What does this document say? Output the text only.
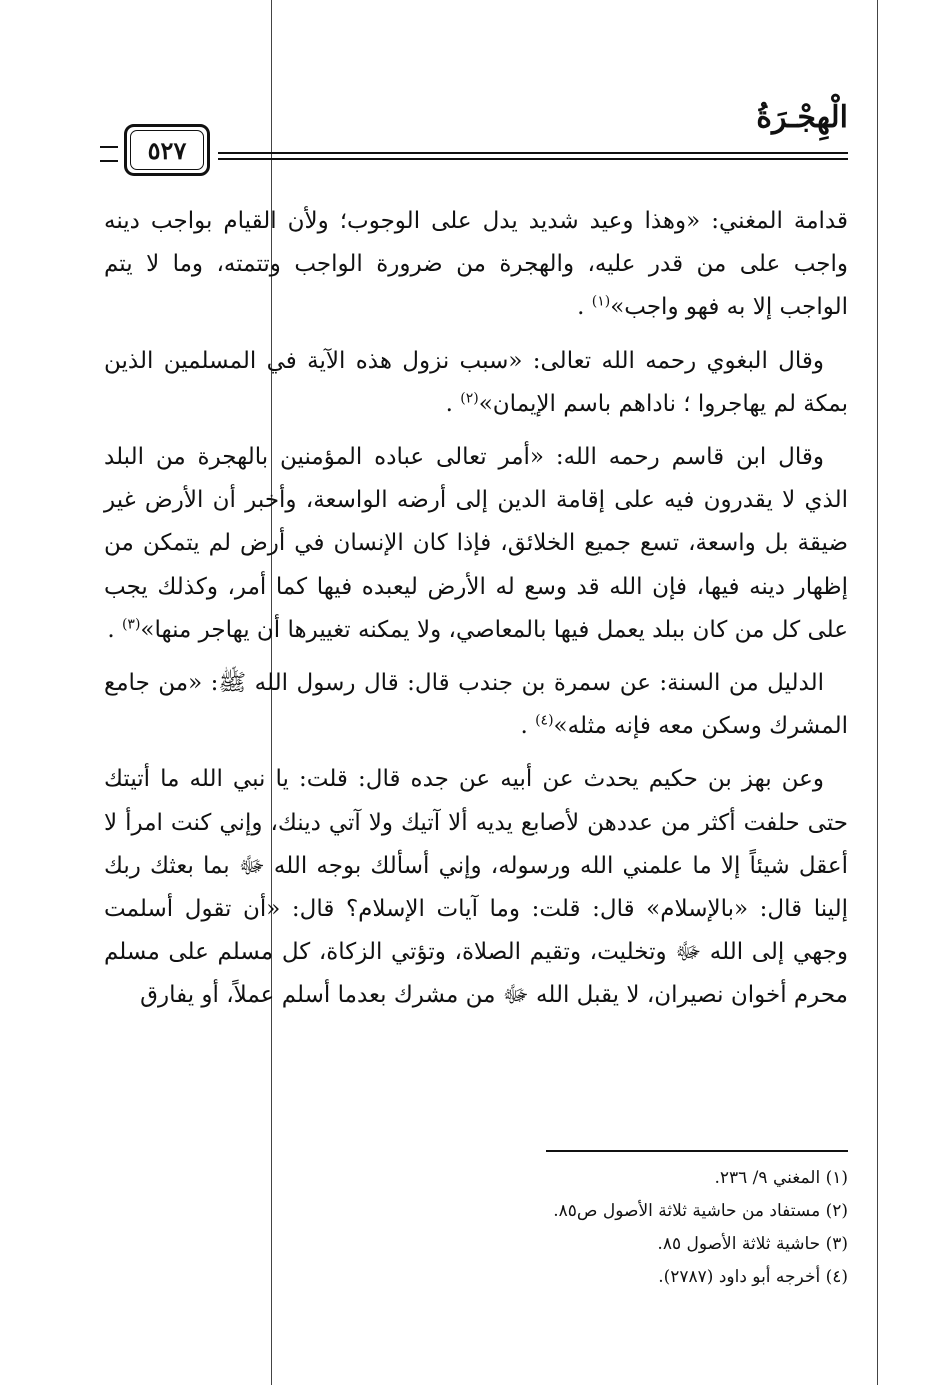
الْهِجْـرَةُ
٥٢٧

قدامة المغني: «وهذا وعيد شديد يدل على الوجوب؛ ولأن القيام بواجب دينه واجب على من قدر عليه، والهجرة من ضرورة الواجب وتتمته، وما لا يتم الواجب إلا به فهو واجب»$^{(١)}$ .

وقال البغوي رحمه الله تعالى: «سبب نزول هذه الآية في المسلمين الذين بمكة لم يهاجروا ؛ ناداهم باسم الإيمان»$^{(٢)}$ .

وقال ابن قاسم رحمه الله: «أمر تعالى عباده المؤمنين بالهجرة من البلد الذي لا يقدرون فيه على إقامة الدين إلى أرضه الواسعة، وأخبر أن الأرض غير ضيقة بل واسعة، تسع جميع الخلائق، فإذا كان الإنسان في أرض لم يتمكن من إظهار دينه فيها، فإن الله قد وسع له الأرض ليعبده فيها كما أمر، وكذلك يجب على كل من كان ببلد يعمل فيها بالمعاصي، ولا يمكنه تغييرها أن يهاجر منها»$^{(٣)}$ .

الدليل من السنة: عن سمرة بن جندب قال: قال رسول الله ﷺ: «من جامع المشرك وسكن معه فإنه مثله»$^{(٤)}$ .

وعن بهز بن حكيم يحدث عن أبيه عن جده قال: قلت: يا نبي الله ما أتيتك حتى حلفت أكثر من عددهن لأصابع يديه ألا آتيك ولا آتي دينك، وإني كنت امرأ لا أعقل شيئاً إلا ما علمني الله ورسوله، وإني أسألك بوجه الله ﷻ بما بعثك ربك إلينا قال: «بالإسلام» قال: قلت: وما آيات الإسلام؟ قال: «أن تقول أسلمت وجهي إلى الله ﷻ وتخليت، وتقيم الصلاة، وتؤتي الزكاة، كل مسلم على مسلم محرم أخوان نصيران، لا يقبل الله ﷻ من مشرك بعدما أسلم عملاً، أو يفارق

(١) المغني ٩/ ٢٣٦.
(٢) مستفاد من حاشية ثلاثة الأصول ص٨٥.
(٣) حاشية ثلاثة الأصول ٨٥.
(٤) أخرجه أبو داود (٢٧٨٧).
